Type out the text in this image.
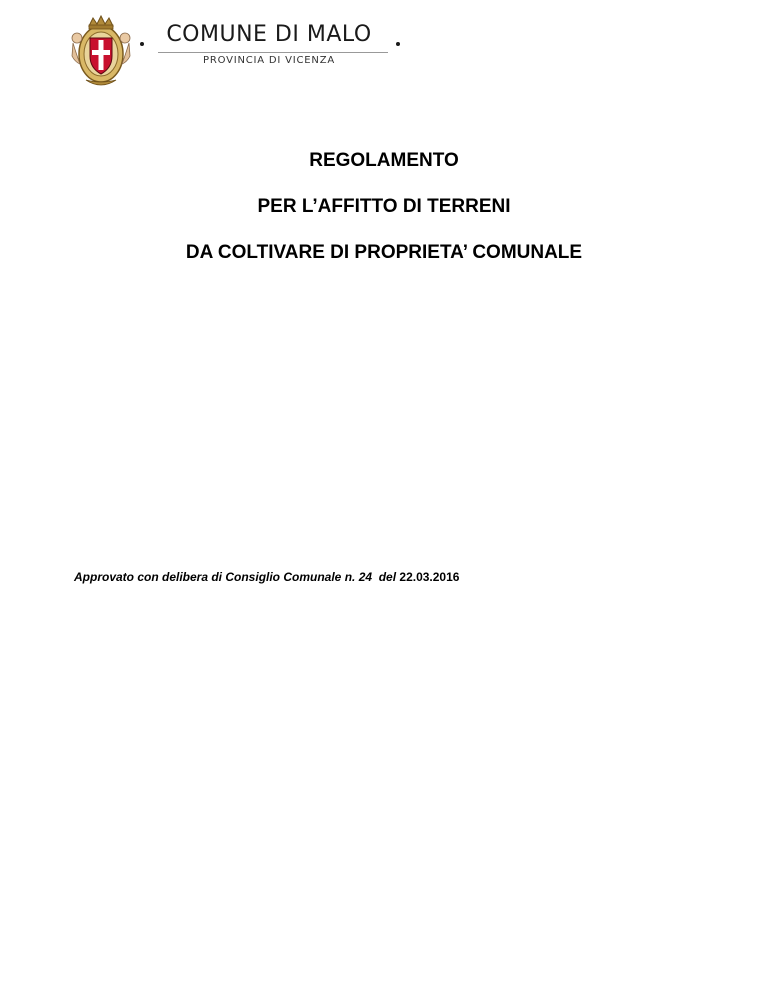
COMUNE DI MALO
PROVINCIA DI VICENZA
REGOLAMENTO
PER L’AFFITTO DI TERRENI
DA COLTIVARE DI PROPRIETA’ COMUNALE
Approvato con delibera di Consiglio Comunale n. 24  del 22.03.2016
